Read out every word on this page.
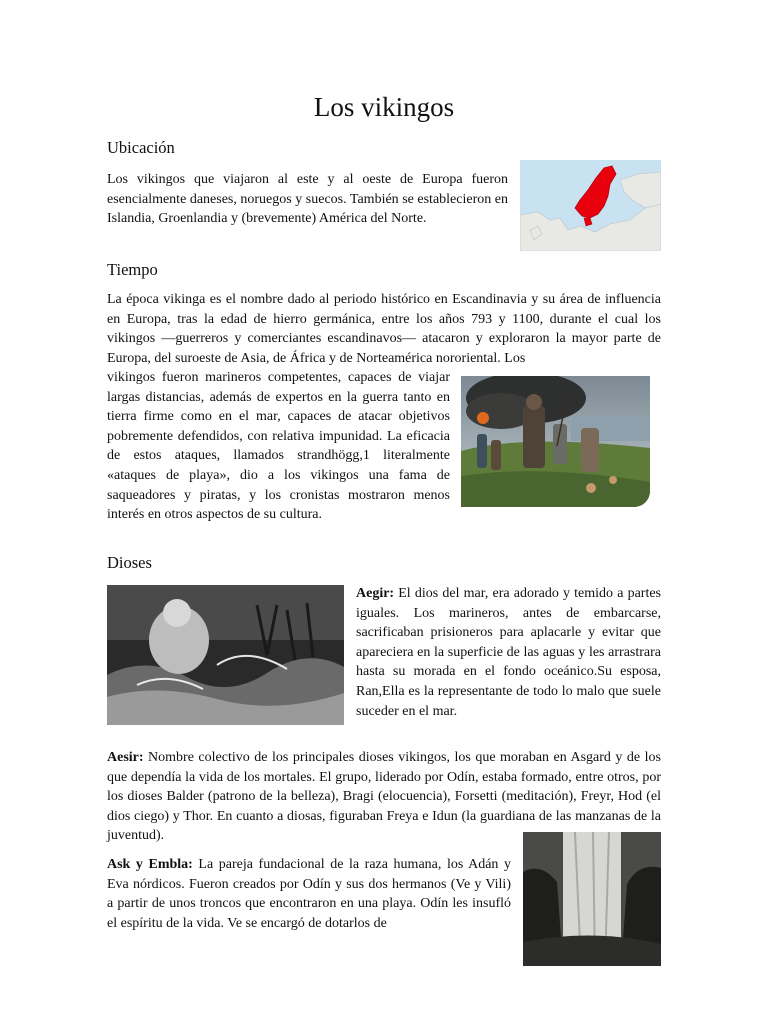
Los vikingos
Ubicación

Los vikingos que viajaron al este y al oeste de Europa fueron esencialmente daneses, noruegos y suecos. También se establecieron en Islandia, Groenlandia y (brevemente) América del Norte.

Tiempo

La época vikinga es el nombre dado al periodo histórico en Escandinavia y su área de influencia en Europa, tras la edad de hierro germánica, entre los años 793 y 1100, durante el cual los vikingos —guerreros y comerciantes escandinavos— atacaron y exploraron la mayor parte de Europa, del suroeste de Asia, de África y de Norteamérica nororiental. Los

vikingos fueron marineros competentes, capaces de viajar largas distancias, además de expertos en la guerra tanto en tierra firme como en el mar, capaces de atacar objetivos pobremente defendidos, con relativa impunidad. La eficacia de estos ataques, llamados strandhögg,1 literalmente «ataques de playa», dio a los vikingos una fama de saqueadores y piratas, y los cronistas mostraron menos interés en otros aspectos de su cultura.

Dioses

Aegir: El dios del mar, era adorado y temido a partes iguales. Los marineros, antes de embarcarse, sacrificaban prisioneros para aplacarle y evitar que apareciera en la superficie de las aguas y les arrastrara hasta su morada en el fondo oceánico.Su esposa, Ran,Ella es la representante de todo lo malo que suele suceder en el mar.

Aesir: Nombre colectivo de los principales dioses vikingos, los que moraban en Asgard y de los que dependía la vida de los mortales. El grupo, liderado por Odín, estaba formado, entre otros, por los dioses Balder (patrono de la belleza), Bragi (elocuencia), Forsetti (meditación), Freyr, Hod (el dios ciego) y Thor. En cuanto a diosas, figuraban Freya e Idun (la guardiana de las manzanas de la juventud).

Ask y Embla: La pareja fundacional de la raza humana, los Adán y Eva nórdicos. Fueron creados por Odín y sus dos hermanos (Ve y Vili) a partir de unos troncos que encontraron en una playa. Odín les insufló el espíritu de la vida. Ve se encargó de dotarlos de
